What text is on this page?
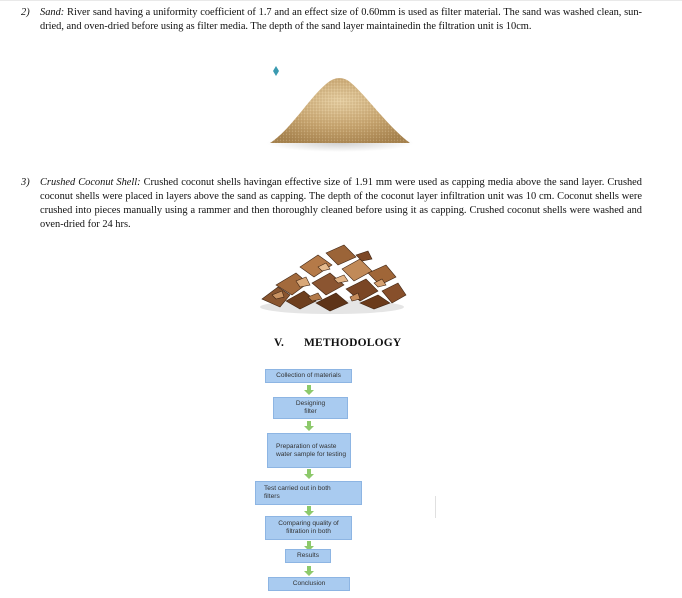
2) Sand: River sand having a uniformity coefficient of 1.7 and an effect size of 0.60mm is used as filter material. The sand was washed clean, sun-dried, and oven-dried before using as filter media. The depth of the sand layer maintainedin the filtration unit is 10cm.
3) Crushed Coconut Shell: Crushed coconut shells havingan effective size of 1.91 mm were used as capping media above the sand layer. Crushed coconut shells were placed in layers above the sand as capping. The depth of the coconut layer infiltration unit was 10 cm. Coconut shells were crushed into pieces manually using a rammer and then thoroughly cleaned before using it as capping. Crushed coconut shells were washed and oven-dried for 24 hrs.
V. METHODOLOGY
Collection of materials
Designing filter
Preparation of waste water sample for testing
Test carried out in both filters
Comparing quality of filtration in both
Results
Conclusion
